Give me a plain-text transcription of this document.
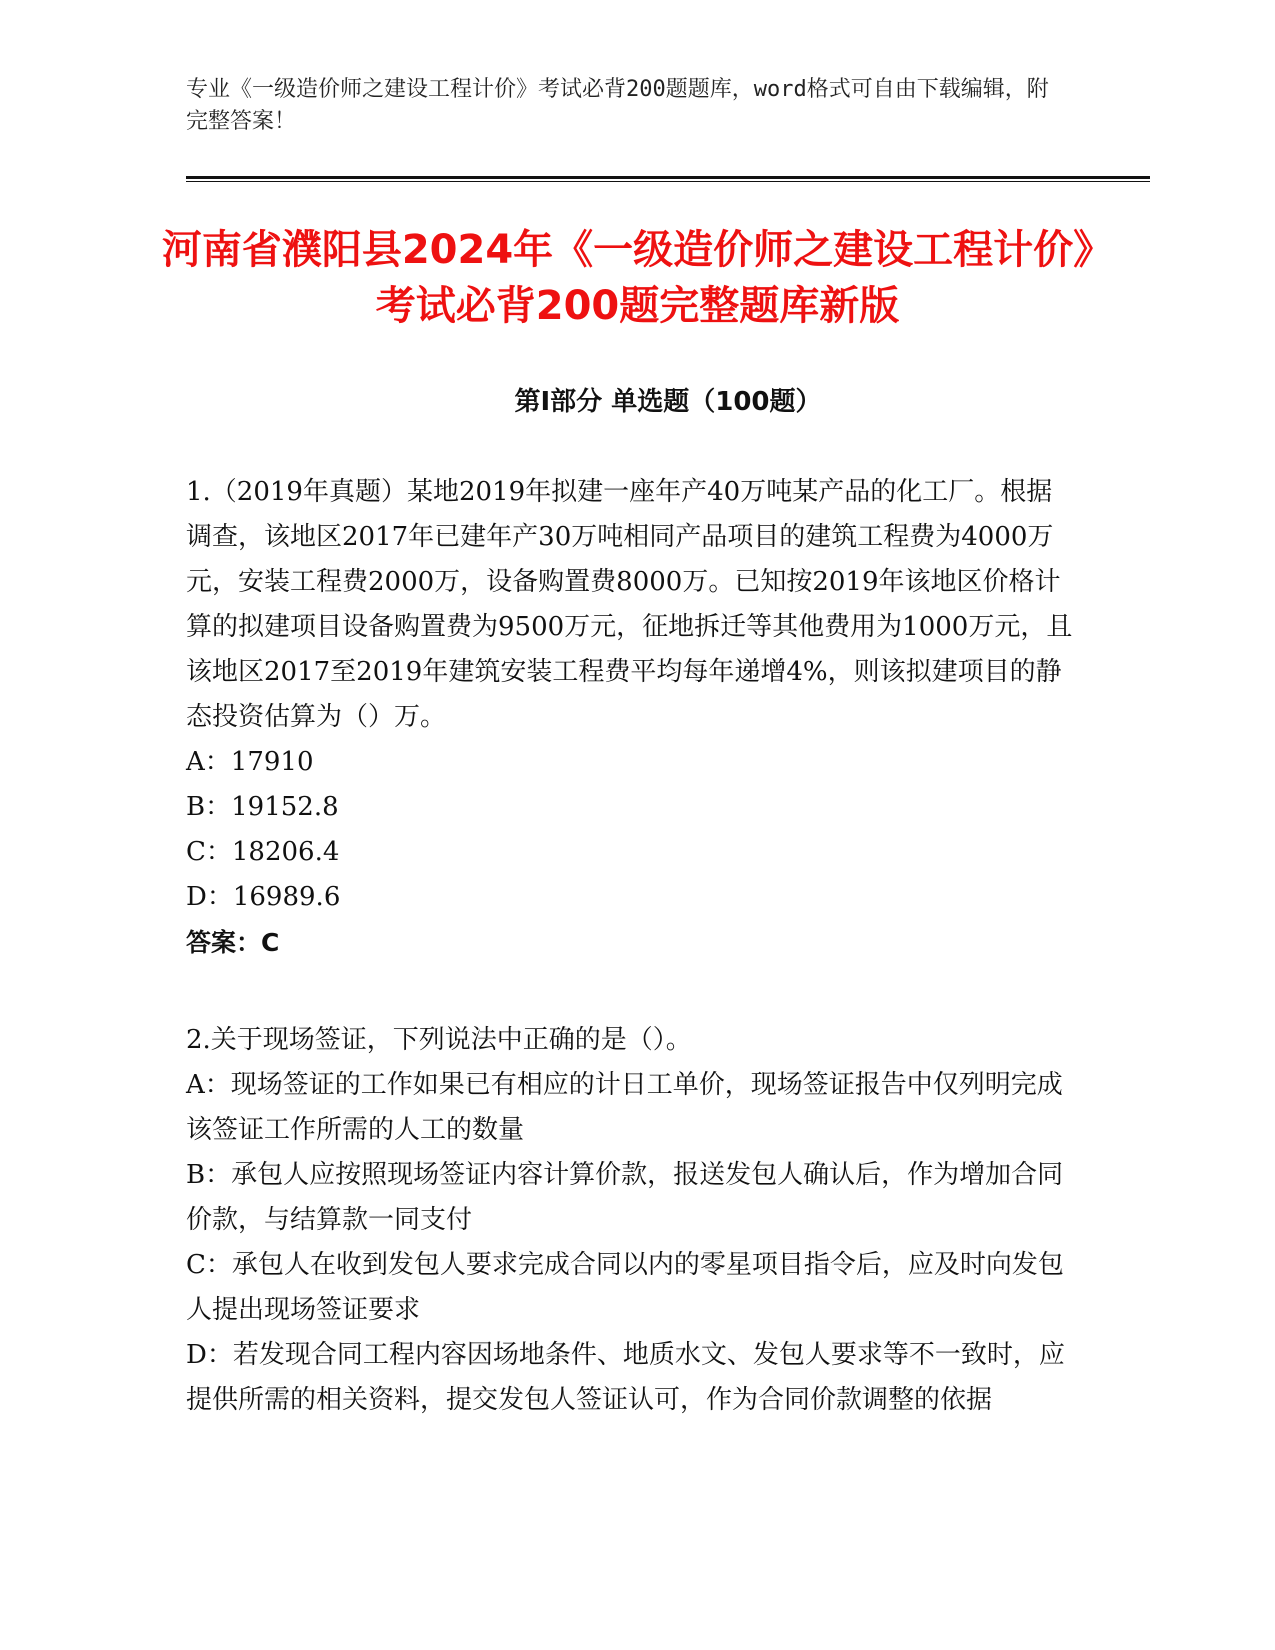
专业《一级造价师之建设工程计价》考试必背200题题库，word格式可自由下载编辑，附完整答案！
河南省濮阳县2024年《一级造价师之建设工程计价》考试必背200题完整题库新版
第Ⅰ部分 单选题（100题）

1.（2019年真题）某地2019年拟建一座年产40万吨某产品的化工厂。根据调查，该地区2017年已建年产30万吨相同产品项目的建筑工程费为4000万元，安装工程费2000万，设备购置费8000万。已知按2019年该地区价格计算的拟建项目设备购置费为9500万元，征地拆迁等其他费用为1000万元，且该地区2017至2019年建筑安装工程费平均每年递增4%，则该拟建项目的静态投资估算为（）万。

A：17910

B：19152.8

C：18206.4

D：16989.6

答案：C

2.关于现场签证，下列说法中正确的是（）。

A：现场签证的工作如果已有相应的计日工单价，现场签证报告中仅列明完成该签证工作所需的人工的数量

B：承包人应按照现场签证内容计算价款，报送发包人确认后，作为增加合同价款，与结算款一同支付

C：承包人在收到发包人要求完成合同以内的零星项目指令后，应及时向发包人提出现场签证要求

D：若发现合同工程内容因场地条件、地质水文、发包人要求等不一致时，应提供所需的相关资料，提交发包人签证认可，作为合同价款调整的依据
